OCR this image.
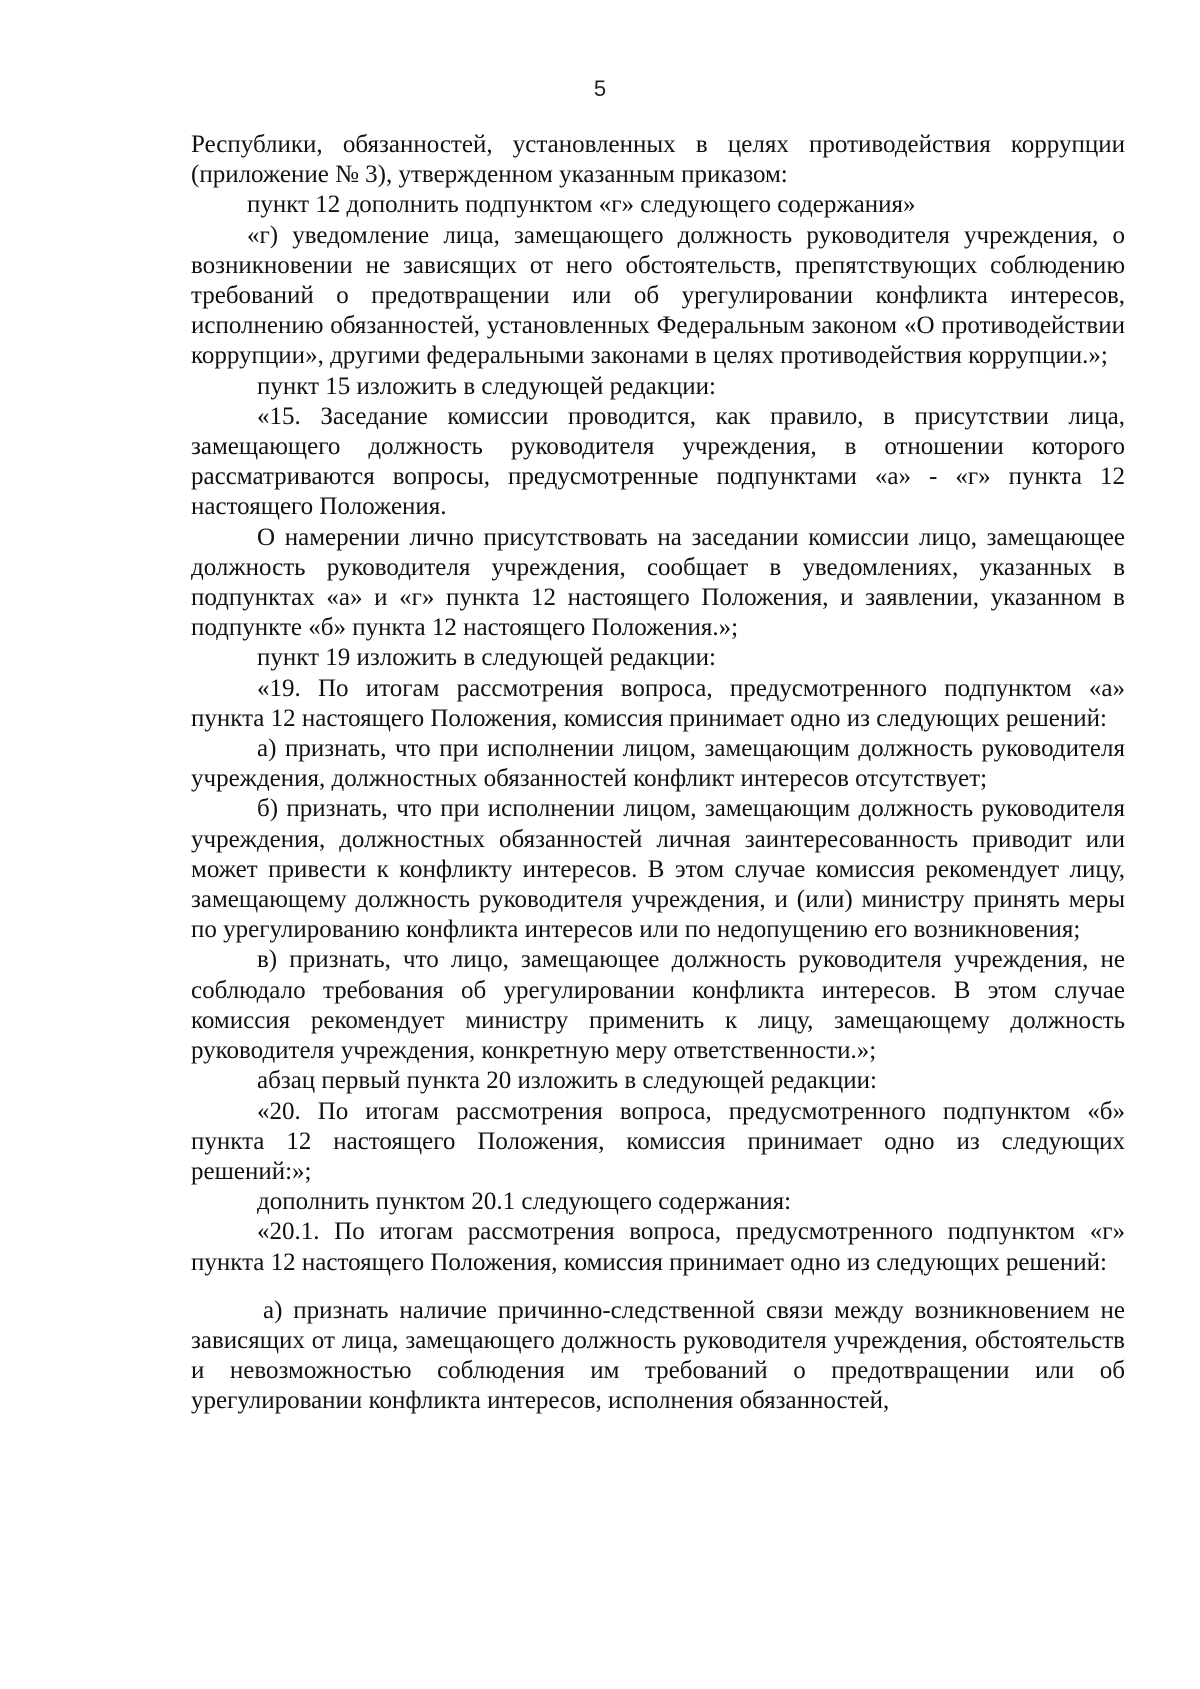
5

Республики, обязанностей, установленных в целях противодействия коррупции (приложение № 3), утвержденном указанным приказом:

пункт 12 дополнить подпунктом «г» следующего содержания»

«г) уведомление лица, замещающего должность руководителя учреждения, о возникновении не зависящих от него обстоятельств, препятствующих соблюдению требований о предотвращении или об урегулировании конфликта интересов, исполнению обязанностей, установленных Федеральным законом «О противодействии коррупции», другими федеральными законами в целях противодействия коррупции.»;

пункт 15 изложить в следующей редакции:

«15. Заседание комиссии проводится, как правило, в присутствии лица, замещающего должность руководителя учреждения, в отношении которого рассматриваются вопросы, предусмотренные подпунктами «а» - «г» пункта 12 настоящего Положения.

О намерении лично присутствовать на заседании комиссии лицо, замещающее должность руководителя учреждения, сообщает в уведомлениях, указанных в подпунктах «а» и «г» пункта 12 настоящего Положения, и заявлении, указанном в подпункте «б» пункта 12 настоящего Положения.»;

пункт 19 изложить в следующей редакции:

«19. По итогам рассмотрения вопроса, предусмотренного подпунктом «а» пункта 12 настоящего Положения, комиссия принимает одно из следующих решений:

а) признать, что при исполнении лицом, замещающим должность руководителя учреждения, должностных обязанностей конфликт интересов отсутствует;

б) признать, что при исполнении лицом, замещающим должность руководителя учреждения, должностных обязанностей личная заинтересованность приводит или может привести к конфликту интересов. В этом случае комиссия рекомендует лицу, замещающему должность руководителя учреждения, и (или) министру принять меры по урегулированию конфликта интересов или по недопущению его возникновения;

в) признать, что лицо, замещающее должность руководителя учреждения, не соблюдало требования об урегулировании конфликта интересов. В этом случае комиссия рекомендует министру применить к лицу, замещающему должность руководителя учреждения, конкретную меру ответственности.»;

абзац первый пункта 20 изложить в следующей редакции:

«20. По итогам рассмотрения вопроса, предусмотренного подпунктом «б» пункта 12 настоящего Положения, комиссия принимает одно из следующих решений:»;

дополнить пунктом 20.1 следующего содержания:

«20.1. По итогам рассмотрения вопроса, предусмотренного подпунктом «г» пункта 12 настоящего Положения, комиссия принимает одно из следующих решений:

а) признать наличие причинно-следственной связи между возникновением не зависящих от лица, замещающего должность руководителя учреждения, обстоятельств и невозможностью соблюдения им требований о предотвращении или об урегулировании конфликта интересов, исполнения обязанностей,
